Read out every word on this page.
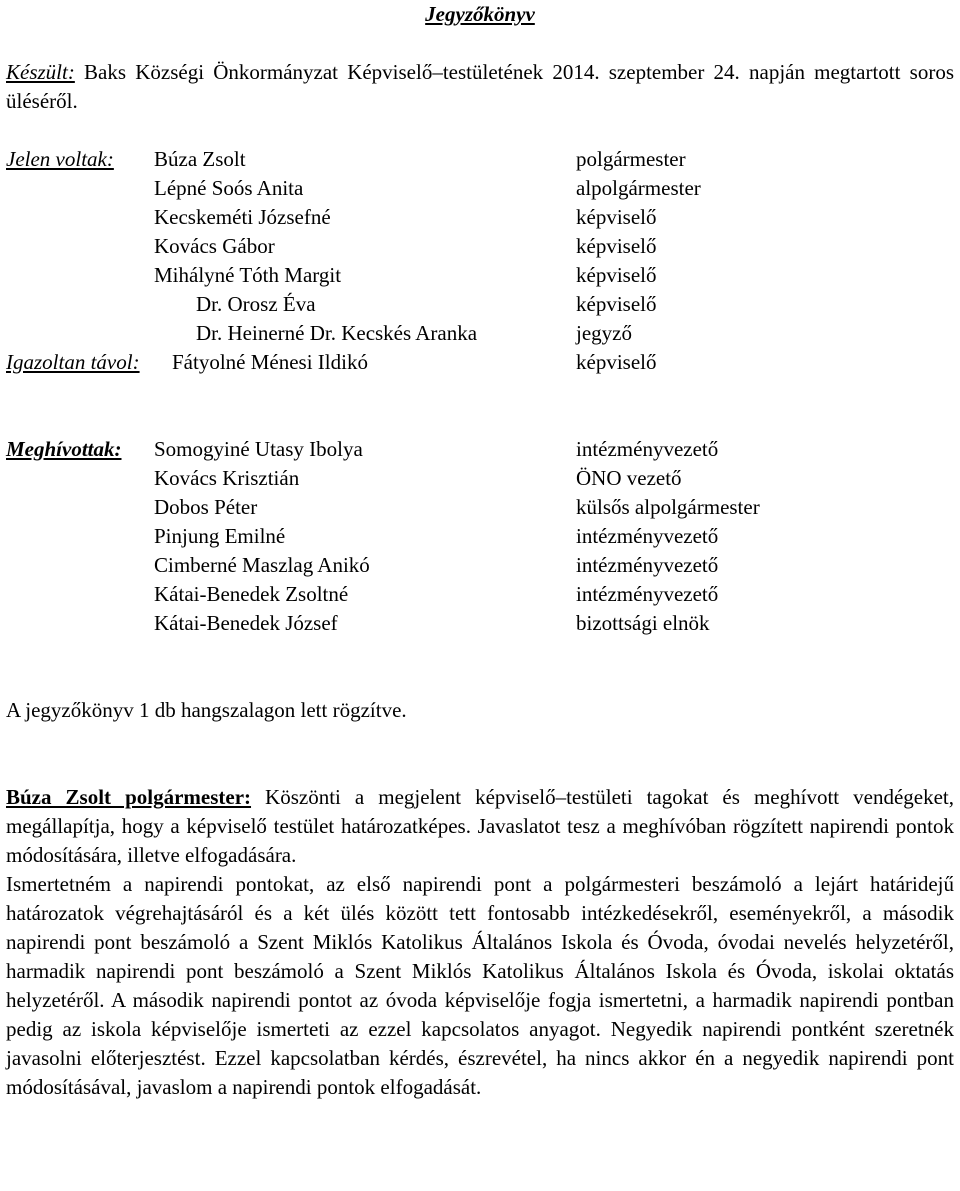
Jegyzőkönyv

Készült: Baks Községi Önkormányzat Képviselő–testületének 2014. szeptember 24. napján megtartott soros üléséről.

Jelen voltak: Búza Zsolt	polgármester
Lépné Soós Anita	alpolgármester
Kecskeméti Józsefné	képviselő
Kovács Gábor	képviselő
Mihályné Tóth Margit	képviselő
Dr. Orosz Éva	képviselő
Dr. Heinerné Dr. Kecskés Aranka	jegyző
Igazoltan távol: Fátyolné Ménesi Ildikó	képviselő
Meghívottak: Somogyiné Utasy Ibolya	intézményvezető
Kovács Krisztián	ÖNO vezető
Dobos Péter	külsős alpolgármester
Pinjung Emilné	intézményvezető
Cimberné Maszlag Anikó	intézményvezető
Kátai-Benedek Zsoltné	intézményvezető
Kátai-Benedek József	bizottsági elnök

A jegyzőkönyv 1 db hangszalagon lett rögzítve.

Búza Zsolt polgármester: Köszönti a megjelent képviselő–testületi tagokat és meghívott vendégeket, megállapítja, hogy a képviselő testület határozatképes. Javaslatot tesz a meghívóban rögzített napirendi pontok módosítására, illetve elfogadására.

Ismertetném a napirendi pontokat, az első napirendi pont a polgármesteri beszámoló a lejárt határidejű határozatok végrehajtásáról és a két ülés között tett fontosabb intézkedésekről, eseményekről, a második napirendi pont beszámoló a Szent Miklós Katolikus Általános Iskola és Óvoda, óvodai nevelés helyzetéről, harmadik napirendi pont beszámoló a Szent Miklós Katolikus Általános Iskola és Óvoda, iskolai oktatás helyzetéről. A második napirendi pontot az óvoda képviselője fogja ismertetni, a harmadik napirendi pontban pedig az iskola képviselője ismerteti az ezzel kapcsolatos anyagot. Negyedik napirendi pontként szeretnék javasolni előterjesztést. Ezzel kapcsolatban kérdés, észrevétel, ha nincs akkor én a negyedik napirendi pont módosításával, javaslom a napirendi pontok elfogadását.
